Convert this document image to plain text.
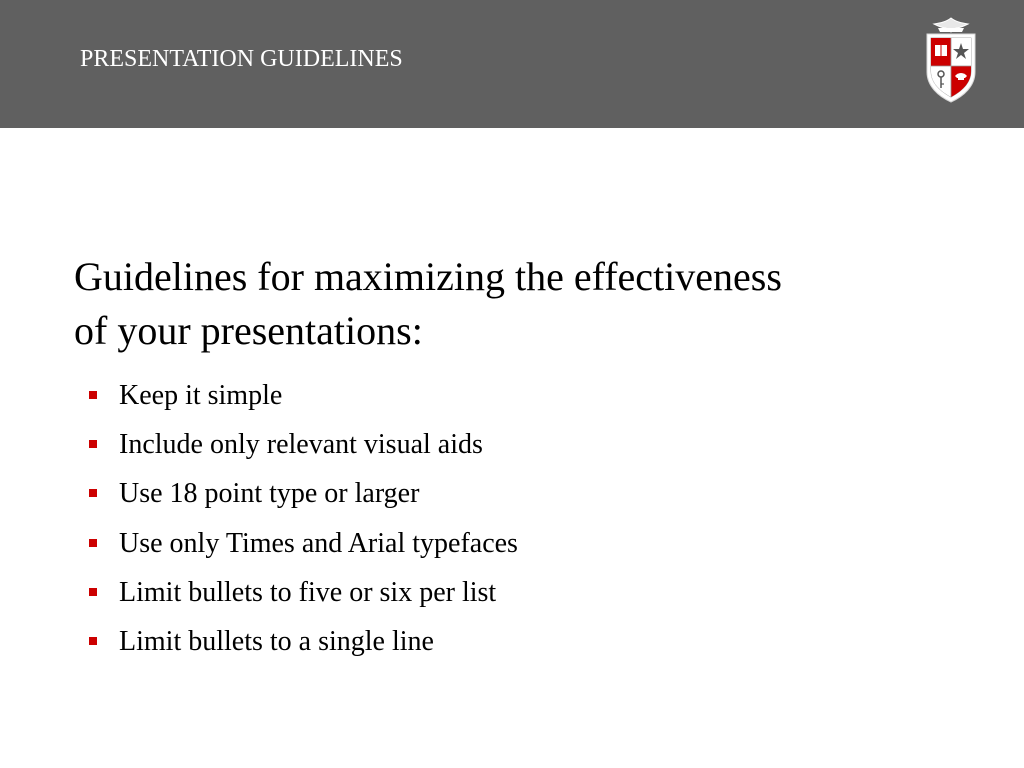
PRESENTATION GUIDELINES
Guidelines for maximizing the effectiveness
of your presentations:
Keep it simple
Include only relevant visual aids
Use 18 point type or larger
Use only Times and Arial typefaces
Limit bullets to five or six per list
Limit bullets to a single line
